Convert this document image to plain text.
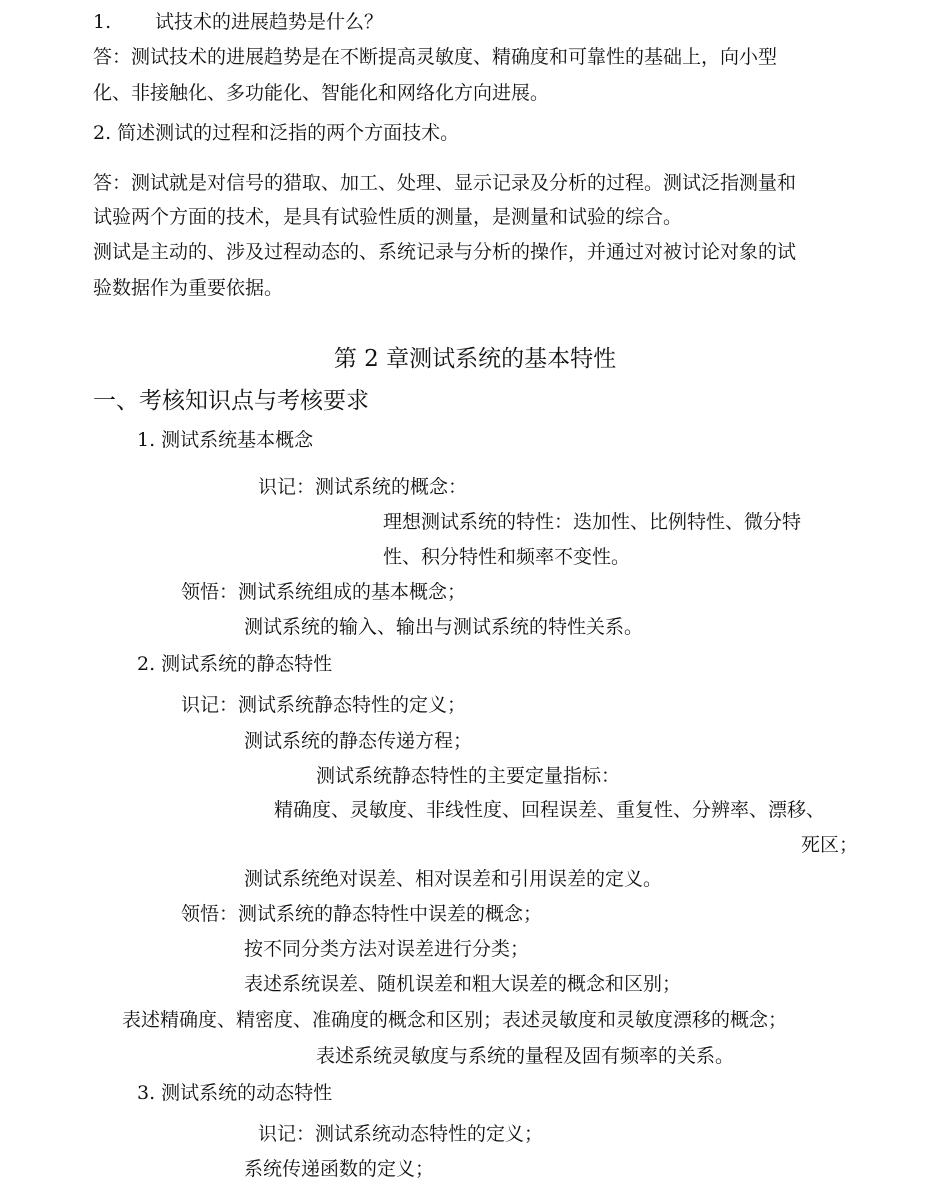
1. 试技术的进展趋势是什么？
答：测试技术的进展趋势是在不断提高灵敏度、精确度和可靠性的基础上，向小型
化、非接触化、多功能化、智能化和网络化方向进展。
2. 简述测试的过程和泛指的两个方面技术。
答：测试就是对信号的猎取、加工、处理、显示记录及分析的过程。测试泛指测量和
试验两个方面的技术，是具有试验性质的测量，是测量和试验的综合。
测试是主动的、涉及过程动态的、系统记录与分析的操作，并通过对被讨论对象的试
验数据作为重要依据。
第 2 章测试系统的基本特性
一、考核知识点与考核要求
1. 测试系统基本概念
识记：测试系统的概念：
理想测试系统的特性：迭加性、比例特性、微分特
性、积分特性和频率不变性。
领悟：测试系统组成的基本概念；
测试系统的输入、输出与测试系统的特性关系。
2. 测试系统的静态特性
识记：测试系统静态特性的定义；
测试系统的静态传递方程；
测试系统静态特性的主要定量指标：
精确度、灵敏度、非线性度、回程误差、重复性、分辨率、漂移、
死区；
测试系统绝对误差、相对误差和引用误差的定义。
领悟：测试系统的静态特性中误差的概念；
按不同分类方法对误差进行分类；
表述系统误差、随机误差和粗大误差的概念和区别；
表述精确度、精密度、准确度的概念和区别；表述灵敏度和灵敏度漂移的概念；
表述系统灵敏度与系统的量程及固有频率的关系。
3. 测试系统的动态特性
识记：测试系统动态特性的定义；
系统传递函数的定义；
